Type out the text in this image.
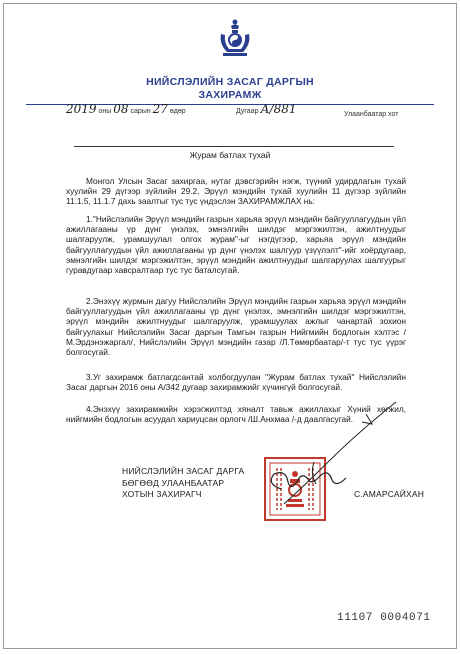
НИЙСЛЭЛИЙН ЗАСАГ ДАРГЫН
ЗАХИРАМЖ
2019 оны 08 сарын 27 өдөр	Дугаар А/881	Улаанбаатар хот
Журам батлах тухай
Монгол Улсын Засаг захиргаа, нутаг дэвсгэрийн нэгж, түүний удирдлагын тухай хуулийн 29 дүгээр зүйлийн 29.2, Эрүүл мэндийн тухай хуулийн 11 дүгээр зүйлийн 11.1.5, 11.1.7 дахь заалтыг тус тус үндэслэн ЗАХИРАМЖЛАХ нь:
1."Нийслэлийн Эрүүл мэндийн газрын харьяа эрүүл мэндийн байгууллагуудын үйл ажиллагааны үр дүнг үнэлэх, эмнэлгийн шилдэг мэргэжилтэн, ажилтнуудыг шалгаруулж, урамшуулал олгох журам"-ыг нэгдүгээр, харьяа эрүүл мэндийн байгууллагуудын үйл ажиллагааны үр дүнг үнэлэх шалгуур үзүүлэлт"-ийг хоёрдугаар, эмнэлгийн шилдэг мэргэжилтэн, эрүүл мэндийн ажилтнуудыг шалгаруулах шалгуурыг гуравдугаар хавсралтаар тус тус баталсугай.
2.Энэхүү журмын дагуу Нийслэлийн Эрүүл мэндийн газрын харьяа эрүүл мэндийн байгууллагуудын үйл ажиллагааны үр дүнг үнэлэх, эмнэлгийн шилдэг мэргэжилтэн, эрүүл мэндийн ажилтнуудыг шалгаруулж, урамшуулах ажлыг чанартай зохион байгуулахыг Нийслэлийн Засаг даргын Тамгын газрын Нийгмийн бодлогын хэлтэс /М.Эрдэнэжаргал/, Нийслэлийн Эрүүл мэндийн газар /Л.Төмөрбаатар/-т тус тус үүрэг болгосугай.
3.Уг захирамж батлагдсантай холбогдуулан "Журам батлах тухай" Нийслэлийн Засаг даргын 2016 оны А/342 дугаар захирамжийг хүчингүй болгосугай.
4.Энэхүү захирамжийн хэрэгжилтэд хяналт тавьж ажиллахыг Хүний хөгжил, нийгмийн бодлогын асуудал хариуцсан орлогч /Ш.Анхмаа /-д даалгасугай.
НИЙСЛЭЛИЙН ЗАСАГ ДАРГА
БӨГӨӨД УЛААНБААТАР
ХОТЫН ЗАХИРАГЧ	С.АМАРСАЙХАН
11107 0004071
